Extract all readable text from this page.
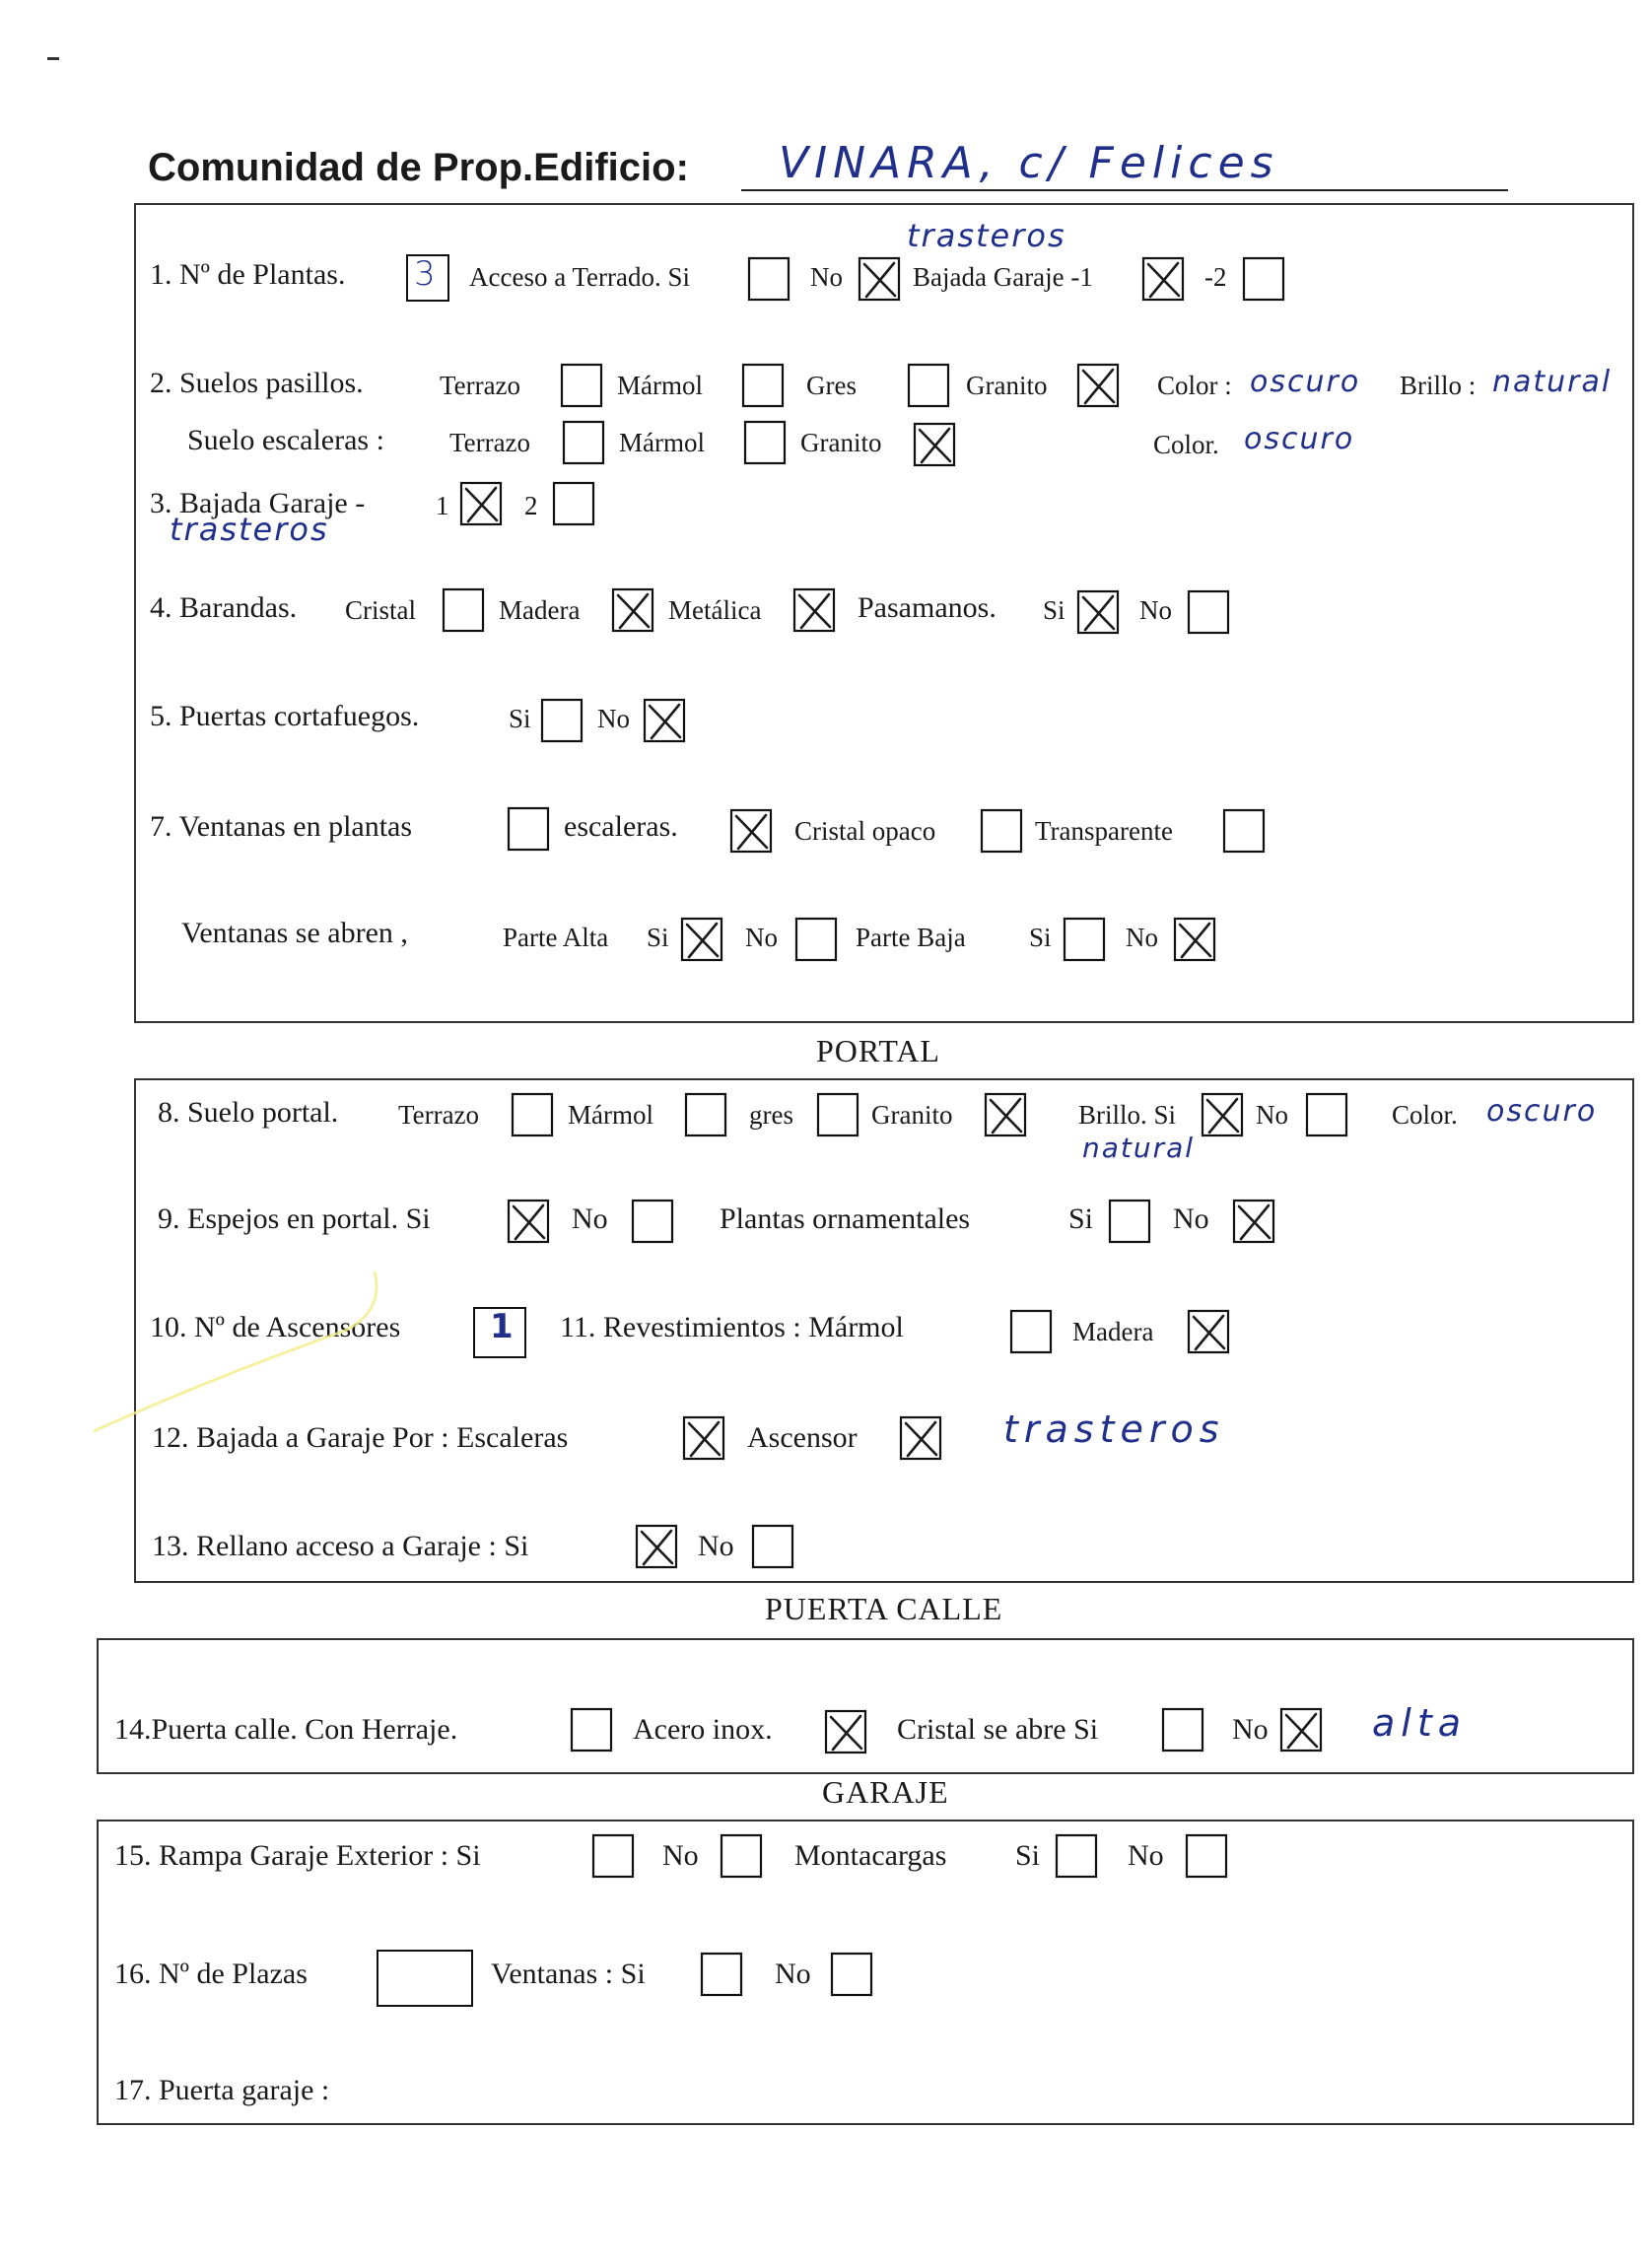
Comunidad de Prop.Edificio: VINARA, c/ Felices
trasteros
1. Nº de Plantas. 3 Acceso a Terrado. Si	No	Bajada Garaje -1	-2
2. Suelos pasillos.	Terrazo	Mármol	Gres	Granito	Color : oscuro Brillo : natural
Suelo escaleras : Terrazo	Mármol	Granito	Color. oscuro
3. Bajada Garaje -	1	2
trasteros
4. Barandas. Cristal	Madera	Metálica	Pasamanos. Si	No
5. Puertas cortafuegos.	Si No
7. Ventanas en plantas	escaleras.	Cristal opaco	Transparente
Ventanas se abren ,	Parte Alta Si	No	Parte Baja Si	No
PORTAL
8. Suelo portal. Terrazo	Mármol	gres	Granito	Brillo. Si	No	Color. oscuro
natural
9. Espejos en portal. Si	No	Plantas ornamentales	Si	No
10. Nº de Ascensores	1 11. Revestimientos : Mármol	Madera
12. Bajada a Garaje Por : Escaleras	Ascensor	trasteros
13. Rellano acceso a Garaje : Si	No
PUERTA CALLE
14.Puerta calle. Con Herraje.	Acero inox.	Cristal se abre Si	No	alta
GARAJE
15. Rampa Garaje Exterior : Si	No	Montacargas Si	No
16. Nº de Plazas	Ventanas : Si	No
17. Puerta garaje :
